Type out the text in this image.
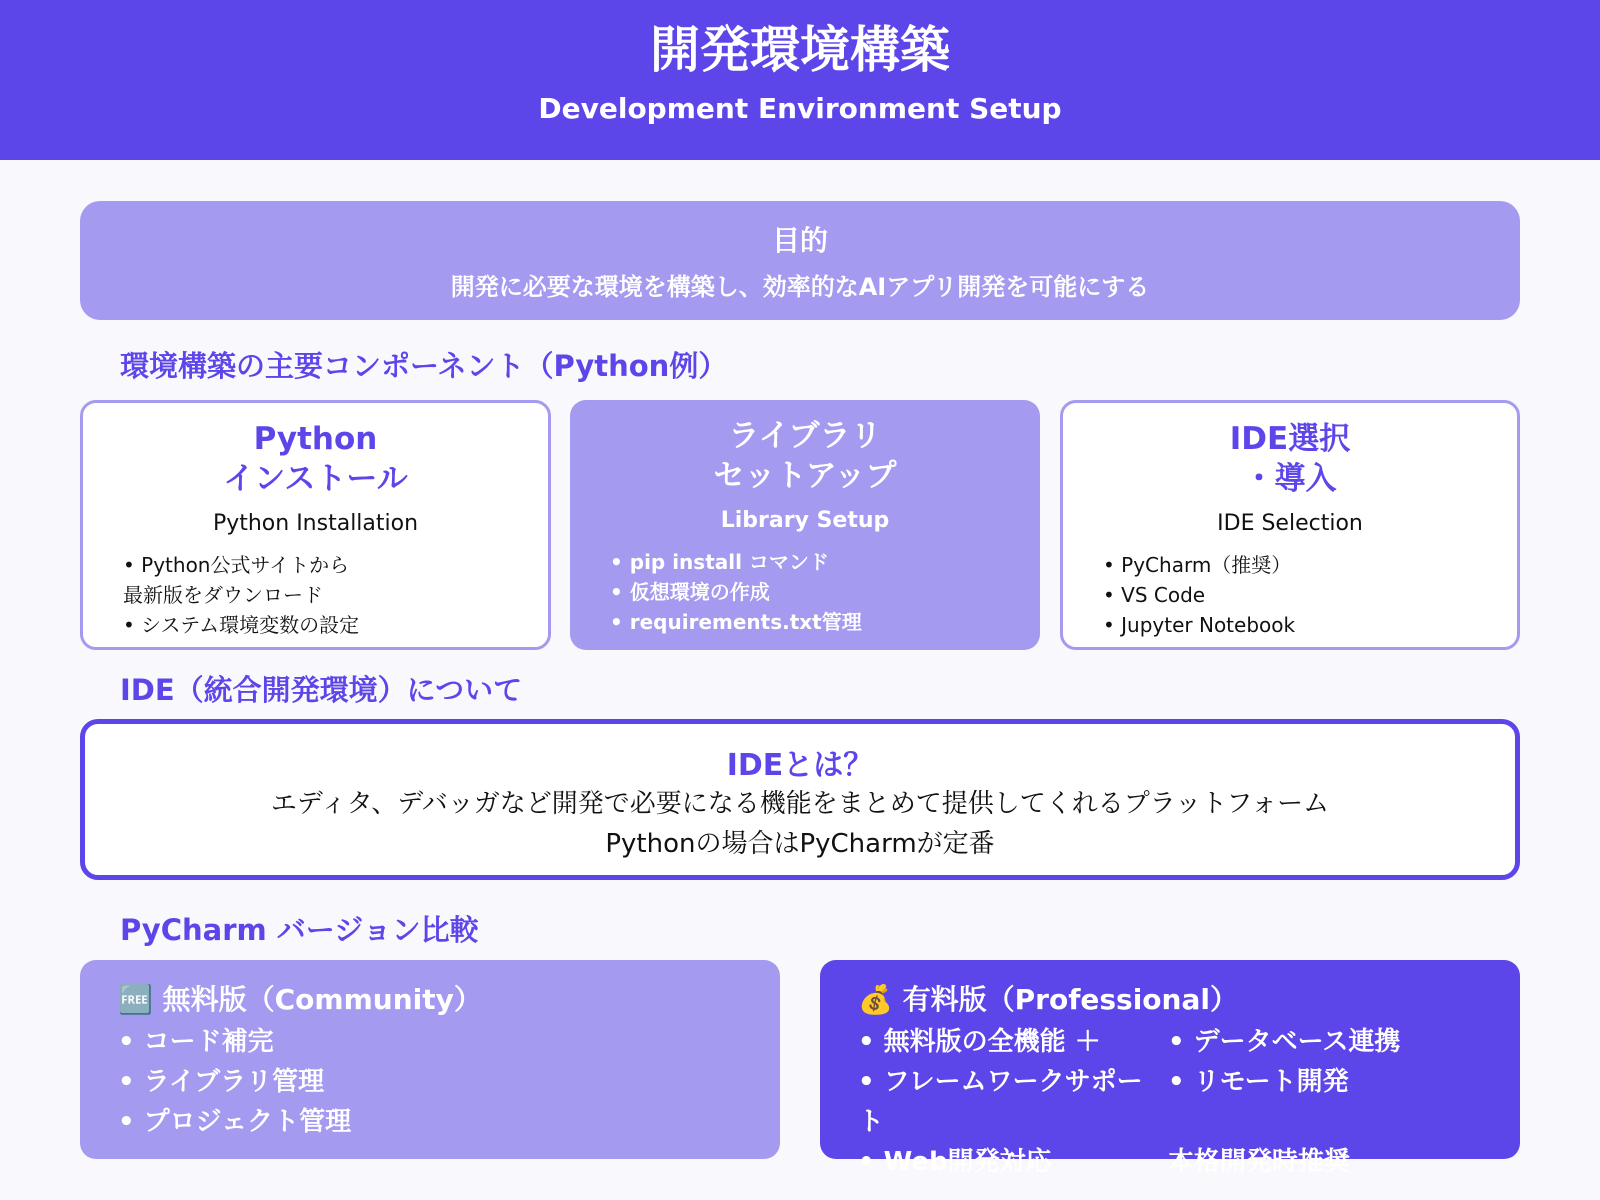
開発環境構築
Development Environment Setup
目的
開発に必要な環境を構築し、効率的なAIアプリ開発を可能にする
環境構築の主要コンポーネント（Python例）
Python
インストール
Python Installation
• Python公式サイトから
最新版をダウンロード
• システム環境変数の設定
ライブラリ
セットアップ
Library Setup
• pip install コマンド
• 仮想環境の作成
• requirements.txt管理
IDE選択
・導入
IDE Selection
• PyCharm（推奨）
• VS Code
• Jupyter Notebook
IDE（統合開発環境）について
IDEとは？

エディタ、デバッガなど開発で必要になる機能をまとめて提供してくれるプラットフォーム

Pythonの場合はPyCharmが定番

PyCharm バージョン比較
🆓 無料版（Community）
• コード補完
• ライブラリ管理
• プロジェクト管理
💰 有料版（Professional）
• 無料版の全機能 ＋	• データベース連携
• フレームワークサポート
• リモート開発
• Web開発対応	本格開発時推奨
